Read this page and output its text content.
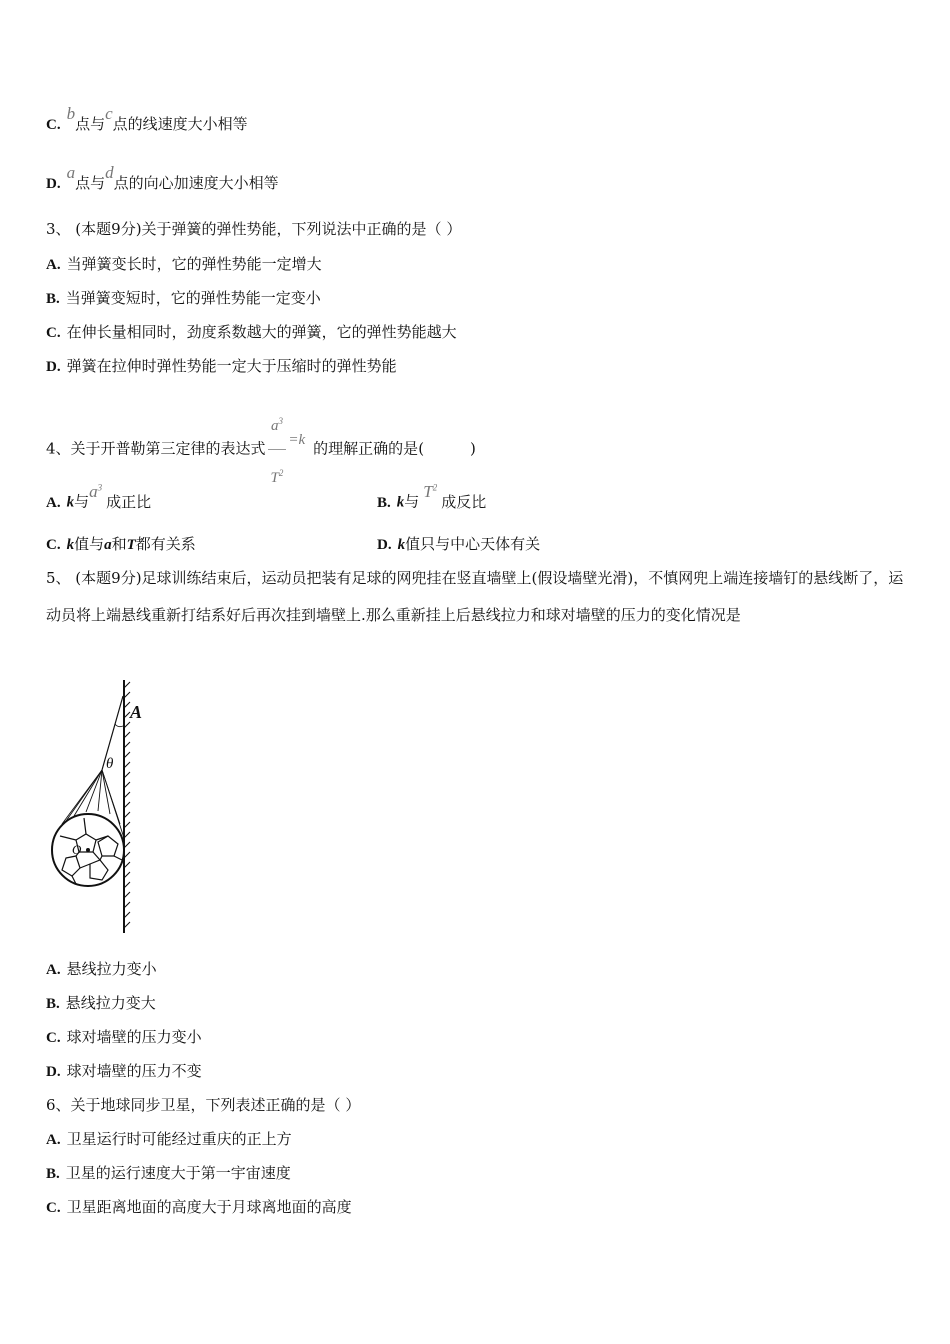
C.b点与c点的线速度大小相等
D.a点与d点的向心加速度大小相等
3、 (本题9分)关于弹簧的弹性势能，下列说法中正确的是（ ）
A. 当弹簧变长时，它的弹性势能一定增大
B. 当弹簧变短时，它的弹性势能一定变小
C. 在伸长量相同时，劲度系数越大的弹簧，它的弹性势能越大
D. 弹簧在拉伸时弹性势能一定大于压缩时的弹性势能
4、关于开普勒第三定律的表达式 $\frac{a^3}{T^2} =k$ 的理解正确的是(	)
A. k与$a^3$成正比	B. k与$T^2$成反比
C. k值与a和T都有关系	D. k值只与中心天体有关
5、 (本题9分)足球训练结束后，运动员把装有足球的网兜挂在竖直墙壁上(假设墙壁光滑)，不慎网兜上端连接墙钉的悬线断了，运动员将上端悬线重新打结系好后再次挂到墙壁上.那么重新挂上后悬线拉力和球对墙壁的压力的变化情况是
A
θ
O
A. 悬线拉力变小
B. 悬线拉力变大
C. 球对墙壁的压力变小
D. 球对墙壁的压力不变
6、关于地球同步卫星，下列表述正确的是（ ）
A. 卫星运行时可能经过重庆的正上方
B. 卫星的运行速度大于第一宇宙速度
C. 卫星距离地面的高度大于月球离地面的高度
